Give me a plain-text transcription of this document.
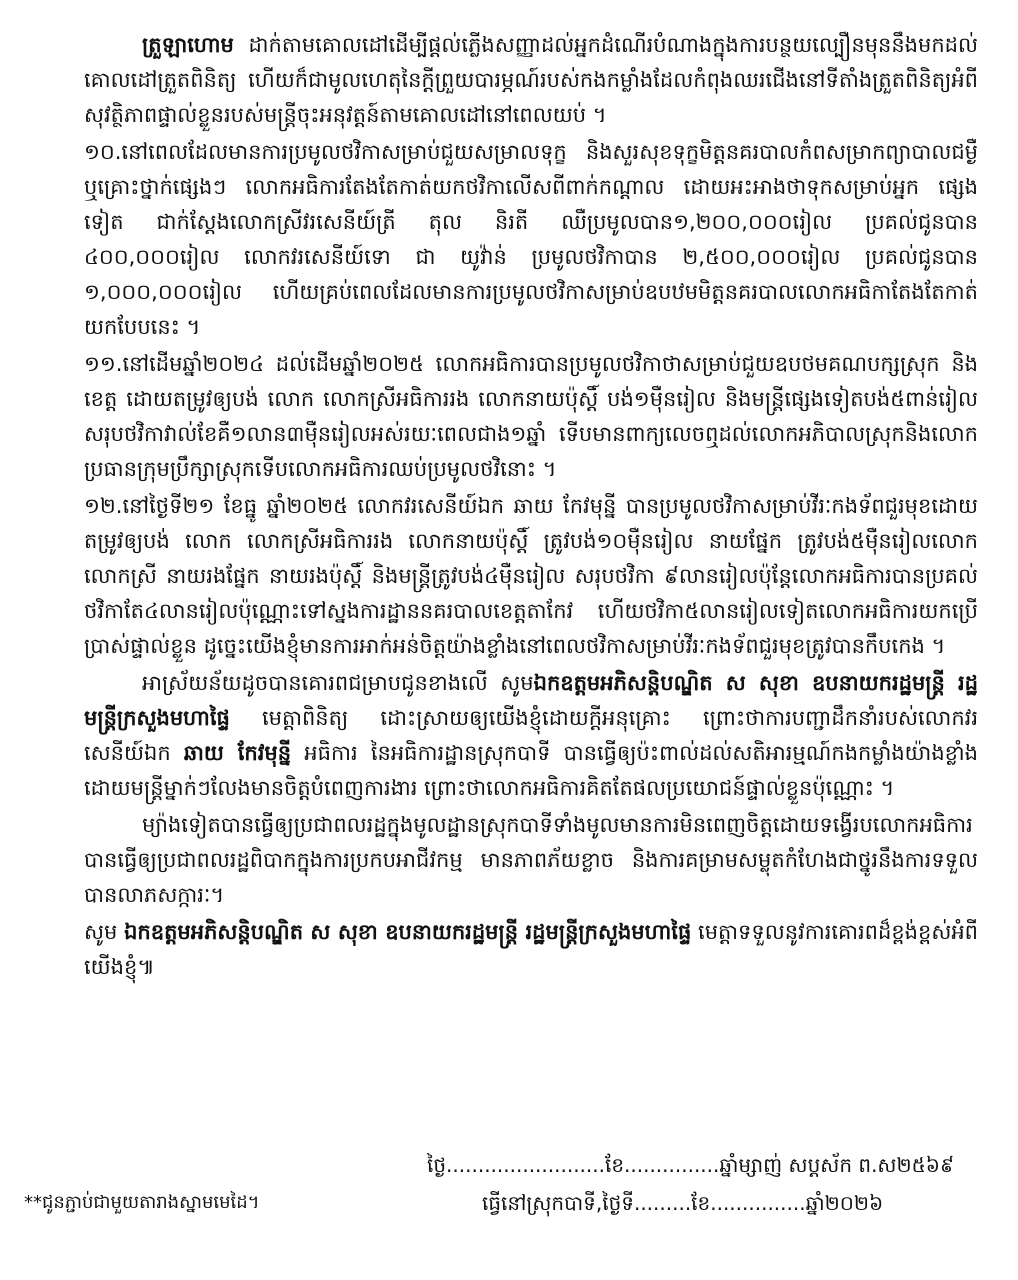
ត្រួឡាហោម ដាក់តាមគោលដៅដើម្បីផ្តល់ភ្លើងសញ្ញាដល់អ្នកដំណើរបំណាងក្នុងការបន្ថយល្បឿនមុននឹងមកដល់គោលដៅត្រួតពិនិត្យ ហើយក៏ជាមូលហេតុនៃក្តីព្រួយបារម្ភណ៍របស់កងកម្លាំងដែលកំពុងឈរជើងនៅទីតាំងត្រួតពិនិត្យអំពីសុវត្ថិភាពផ្ទាល់ខ្លួនរបស់មន្ត្រីចុះអនុវត្តន៍តាមគោលដៅនៅពេលយប់ ។

១០.នៅពេលដែលមានការប្រមូលថវិកាសម្រាប់ជួយសម្រាលទុក្ខ និងសួរសុខទុក្ខមិត្តនគរបាលកំពសម្រាកព្យាបាលជម្ងឺ ឬគ្រោះថ្នាក់ផ្សេងៗ លោកអធិការតែងតែកាត់យកថវិកាលើសពីពាក់កណ្តាល ដោយអះអាងថាទុកសម្រាប់អ្នក ផ្សេងទៀត ជាក់ស្តែងលោកស្រីវរសេនីយ៍ត្រី តុល និរតី ឈឺប្រមូលបាន១,២០០,០០០រៀល ប្រគល់ជូនបាន ៤០០,០០០រៀល លោកវរសេនីយ៍ទោ ជា យូវ៉ាន់ ប្រមូលថវិកាបាន ២,៥០០,០០០រៀល ប្រគល់ជូនបាន ១,០០០,០០០រៀល ហើយគ្រប់ពេលដែលមានការប្រមូលថវិកាសម្រាប់ឧបឋមមិត្តនគរបាលលោកអធិកាតែងតែកាត់យកបែបនេះ ។

១១.នៅដើមឆ្នាំ២០២៤ ដល់ដើមឆ្នាំ២០២៥ លោកអធិការបានប្រមូលថវិកាថាសម្រាប់ជួយឧបថមគណបក្សស្រុក និងខេត្ត ដោយតម្រូវឲ្យបង់ លោក លោកស្រីអធិការរង លោកនាយប៉ុស្តិ៍ បង់១ម៉ឺនរៀល និងមន្ត្រីផ្សេងទៀតបង់៥ពាន់រៀល សរុបថវិកាវាល់ខែគឺ១លាន៣ម៉ឺនរៀលអស់រយៈពេលជាង១ឆ្នាំ ទើបមានពាក្យលេចឮដល់លោកអភិបាលស្រុកនិងលោកប្រធានក្រុមប្រឹក្សាស្រុកទើបលោកអធិការឈប់ប្រមូលថវិនោះ ។

១២.នៅថ្ងៃទី២១ ខែធ្នូ ឆ្នាំ២០២៥ លោកវរសេនីយ៍ឯក ឆាយ កែវមុន្នី បានប្រមូលថវិកាសម្រាប់វីរៈកងទ័ពជួរមុខដោយតម្រូវឲ្យបង់ លោក លោកស្រីអធិការរង លោកនាយប៉ុស្តិ៍ ត្រូវបង់១០ម៉ឺនរៀល នាយផ្នែក ត្រូវបង់៥ម៉ឺនរៀលលោក លោកស្រី នាយរងផ្នែក នាយរងប៉ុស្តិ៍ និងមន្ត្រីត្រូវបង់៤ម៉ឺនរៀល សរុបថវិកា ៩លានរៀលប៉ុន្តែលោកអធិការបានប្រគល់ថវិកាតែ៤លានរៀលប៉ុណ្ណោះទៅស្នងការដ្ឋាននគរបាលខេត្តតាកែវ ហើយថវិកា៥លានរៀលទៀតលោកអធិការយកប្រើប្រាស់ផ្ទាល់ខ្លួន ដូច្នេះយើងខ្ញុំមានការអាក់អន់ចិត្តយ៉ាងខ្លាំងនៅពេលថវិកាសម្រាប់វីរៈកងទ័ពជួរមុខត្រូវបានកឹបកេង ។

អាស្រ័យន័យដូចបានគោរពជម្រាបជូនខាងលើ សូមឯកឧត្តមអភិសន្តិបណ្ឌិត ស សុខា ឧបនាយករដ្ឋមន្ត្រី រដ្ឋមន្ត្រីក្រសួងមហាផ្ទៃ មេត្តាពិនិត្យ ដោះស្រាយឲ្យយើងខ្ញុំដោយក្តីអនុគ្រោះ ព្រោះថាការបញ្ជាដឹកនាំរបស់លោកវរសេនីយ៍ឯក ឆាយ កែវមុន្នី អធិការ នៃអធិការដ្ឋានស្រុកបាទី បានធ្វើឲ្យប៉ះពាល់ដល់សតិអារម្មណ៍កងកម្លាំងយ៉ាងខ្លាំង ដោយមន្ត្រីម្នាក់ៗលែងមានចិត្តបំពេញការងារ ព្រោះថាលោកអធិការគិតតែផលប្រយោជន៍ផ្ទាល់ខ្លួនប៉ុណ្ណោះ ។

ម្យ៉ាងទៀតបានធ្វើឲ្យប្រជាពលរដ្ឋក្នុងមូលដ្ឋានស្រុកបាទីទាំងមូលមានការមិនពេញចិត្តដោយទង្វើរបលោកអធិការបានធ្វើឲ្យប្រជាពលរដ្ឋពិបាកក្នុងការប្រកបអាជីវកម្ម មានភាពភ័យខ្លាច និងការគម្រាមសម្លុតកំហែងជាថ្នូរនឹងការទទួលបានលាភសក្ការៈ។

សូម ឯកឧត្តមអភិសន្តិបណ្ឌិត ស សុខា ឧបនាយករដ្ឋមន្ត្រី រដ្ឋមន្ត្រីក្រសួងមហាផ្ទៃ មេត្តាទទួលនូវការគោរពដ៏ខ្ពង់ខ្ពស់អំពីយើងខ្ញុំ៕

ថ្ងៃ.........................ខែ...............ឆ្នាំម្សាញ់ សប្តស័ក ព.ស២៥៦៩
ធ្វើនៅស្រុកបាទី,ថ្ងៃទី.........ខែ...............ឆ្នាំ២០២៦
**ជូនភ្ជាប់ជាមួយតារាងស្នាមមេដៃ។
